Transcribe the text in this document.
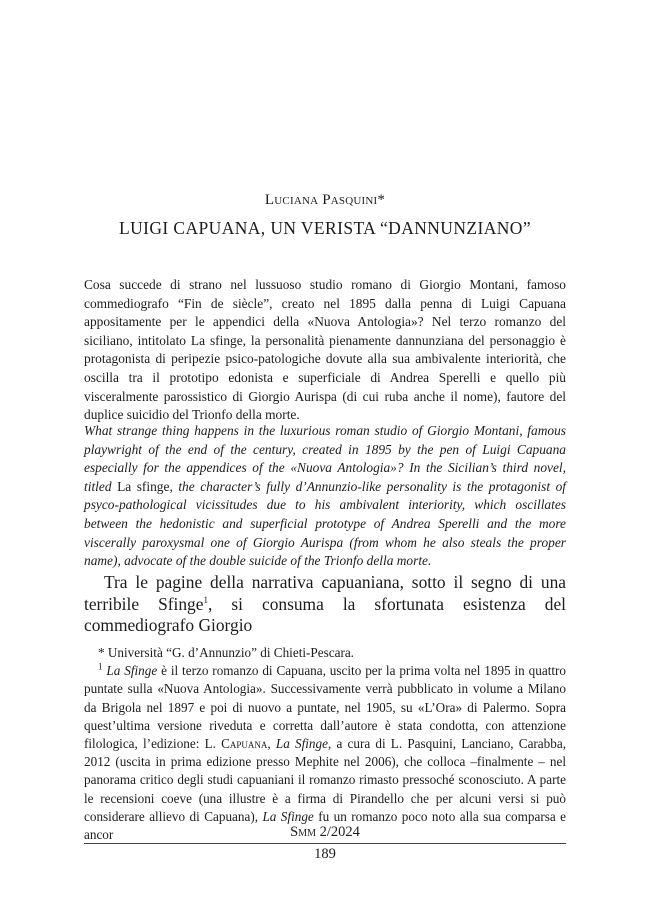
Luciana Pasquini*
LUIGI CAPUANA, UN VERISTA “DANNUNZIANO”

Cosa succede di strano nel lussuoso studio romano di Giorgio Montani, famoso commediografo “Fin de siècle”, creato nel 1895 dalla penna di Luigi Capuana appositamente per le appendici della «Nuova Antologia»? Nel terzo romanzo del siciliano, intitolato La sfinge, la personalità pienamente dannunziana del personaggio è protagonista di peripezie psico-patologiche dovute alla sua ambivalente interiorità, che oscilla tra il prototipo edonista e superficiale di Andrea Sperelli e quello più visceralmente parossistico di Giorgio Aurispa (di cui ruba anche il nome), fautore del duplice suicidio del Trionfo della morte.

What strange thing happens in the luxurious roman studio of Giorgio Montani, famous playwright of the end of the century, created in 1895 by the pen of Luigi Capuana especially for the appendices of the «Nuova Antologia»? In the Sicilian’s third novel, titled La sfinge, the character’s fully d’Annunzio-like personality is the protagonist of psyco-pathological vicissitudes due to his ambivalent interiority, which oscillates between the hedonistic and superficial prototype of Andrea Sperelli and the more viscerally paroxysmal one of Giorgio Aurispa (from whom he also steals the proper name), advocate of the double suicide of the Trionfo della morte.

Tra le pagine della narrativa capuaniana, sotto il segno di una terribile Sfinge$^1$, si consuma la sfortunata esistenza del commediografo Giorgio

* Università “G. d’Annunzio” di Chieti-Pescara.

$^1$ La Sfinge è il terzo romanzo di Capuana, uscito per la prima volta nel 1895 in quattro puntate sulla «Nuova Antologia». Successivamente verrà pubblicato in volume a Milano da Brigola nel 1897 e poi di nuovo a puntate, nel 1905, su «L’Ora» di Palermo. Sopra quest’ultima versione riveduta e corretta dall’autore è stata condotta, con attenzione filologica, l’edizione: L. Capuana, La Sfinge, a cura di L. Pasquini, Lanciano, Carabba, 2012 (uscita in prima edizione presso Mephite nel 2006), che colloca –finalmente – nel panorama critico degli studi capuaniani il romanzo rimasto pressoché sconosciuto. A parte le recensioni coeve (una illustre è a firma di Pirandello che per alcuni versi si può considerare allievo di Capuana), La Sfinge fu un romanzo poco noto alla sua comparsa e ancor	Smm 2/2024
189
